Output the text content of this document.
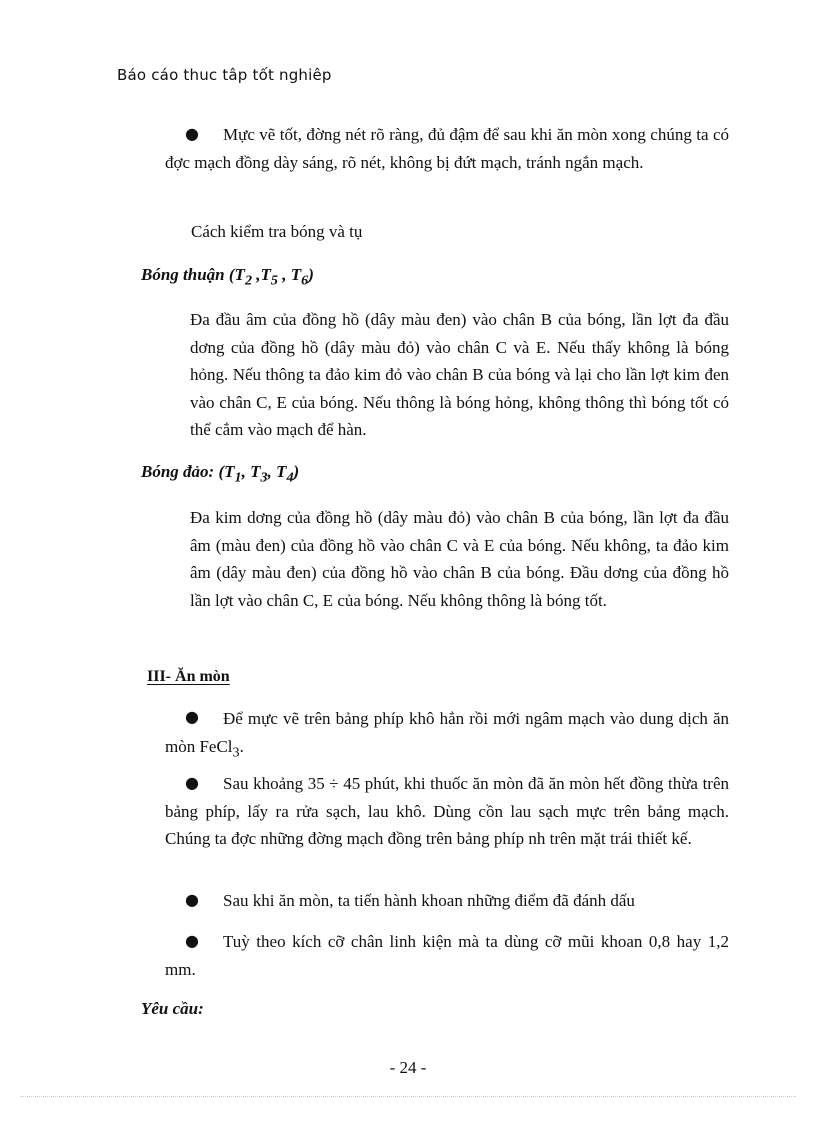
Báo cáo thuc tâp tốt nghiêp
●	Mực vẽ tốt, đờng nét rõ ràng, đủ đậm để sau khi ăn mòn xong chúng ta có đợc mạch đồng dày sáng, rõ nét, không bị đứt mạch, tránh ngắn mạch.
Cách kiểm tra bóng và tụ
Bóng thuận ($T_2$ $,T_5$ , $T_6$)
Đa đầu âm của đồng hồ (dây màu đen) vào chân B của bóng, lần lợt đa đầu dơng của đồng hồ (dây màu đỏ) vào chân C và E. Nếu thấy không là bóng hỏng. Nếu thông ta đảo kim đỏ vào chân B của bóng và lại cho lần lợt kim đen vào chân C, E của bóng. Nếu thông là bóng hỏng, không thông thì bóng tốt có thể cắm vào mạch để hàn.
Bóng đảo: ($T_1$, $T_3$, $T_4$)
Đa kim dơng của đồng hồ (dây màu đỏ) vào chân B của bóng, lần lợt đa đầu âm (màu đen) của đồng hồ vào chân C và E của bóng. Nếu không, ta đảo kim âm (dây màu đen) của đồng hồ vào chân B của bóng. Đầu dơng của đồng hồ lần lợt vào chân C, E của bóng. Nếu không thông là bóng tốt.
III- Ăn mòn
●	Để mực vẽ trên bảng phíp khô hẳn rồi mới ngâm mạch vào dung dịch ăn mòn FeCl$_3$.
●	Sau khoảng 35 ÷ 45 phút, khi thuốc ăn mòn đã ăn mòn hết đồng thừa trên bảng phíp, lấy ra rửa sạch, lau khô. Dùng cồn lau sạch mực trên bảng mạch. Chúng ta đợc những đờng mạch đồng trên bảng phíp nh trên mặt trái thiết kế.
●	Sau khi ăn mòn, ta tiến hành khoan những điểm đã đánh dấu
●	Tuỳ theo kích cỡ chân linh kiện mà ta dùng cỡ mũi khoan 0,8 hay 1,2 mm.
Yêu cầu:
- 24 -
